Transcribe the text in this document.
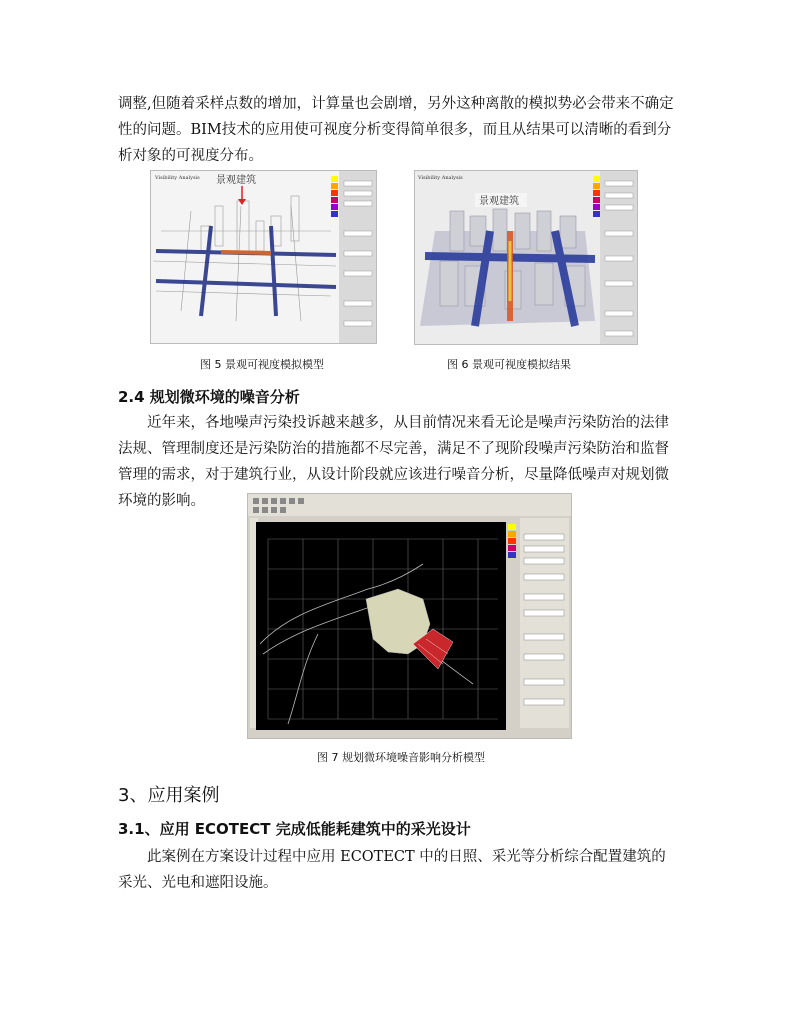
调整,但随着采样点数的增加，计算量也会剧增，另外这种离散的模拟势必会带来不确定性的问题。BIM技术的应用使可视度分析变得简单很多，而且从结果可以清晰的看到分析对象的可视度分布。

Visibility Analysis 景观建筑	Visibility Analysis
景观建筑

图 5 景观可视度模拟模型	图 6 景观可视度模拟结果

2.4 规划微环境的噪音分析

近年来，各地噪声污染投诉越来越多，从目前情况来看无论是噪声污染防治的法律法规、管理制度还是污染防治的措施都不尽完善，满足不了现阶段噪声污染防治和监督管理的需求，对于建筑行业，从设计阶段就应该进行噪音分析，尽量降低噪声对规划微环境的影响。

图 7 规划微环境噪音影响分析模型

3、应用案例

3.1、应用 ECOTECT 完成低能耗建筑中的采光设计

此案例在方案设计过程中应用 ECOTECT 中的日照、采光等分析综合配置建筑的采光、光电和遮阳设施。
